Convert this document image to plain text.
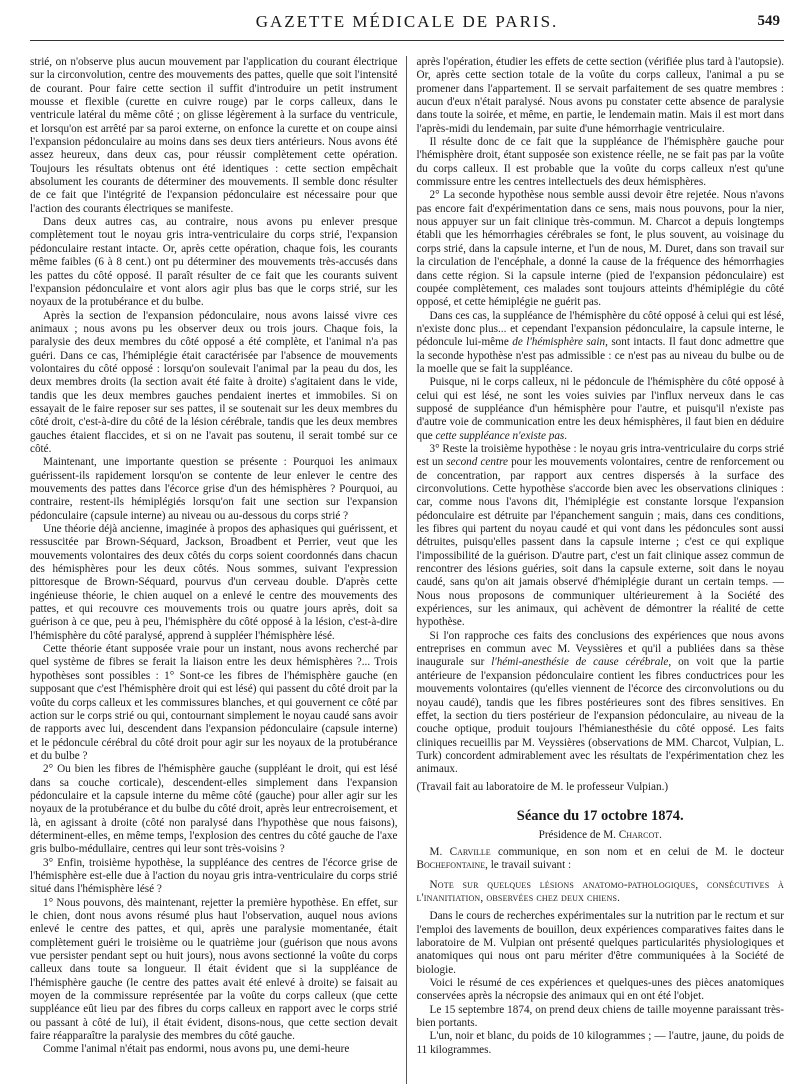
GAZETTE MÉDICALE DE PARIS.	549

strié, on n'observe plus aucun mouvement par l'application du courant électrique sur la circonvolution, centre des mouvements des pattes, quelle que soit l'intensité de courant. Pour faire cette section il suffit d'introduire un petit instrument mousse et flexible (curette en cuivre rouge) par le corps calleux, dans le ventricule latéral du même côté ; on glisse légèrement à la surface du ventricule, et lorsqu'on est arrêté par sa paroi externe, on enfonce la curette et on coupe ainsi l'expansion pédonculaire au moins dans ses deux tiers antérieurs. Nous avons été assez heureux, dans deux cas, pour réussir complètement cette opération. Toujours les résultats obtenus ont été identiques : cette section empêchait absolument les courants de déterminer des mouvements. Il semble donc résulter de ce fait que l'intégrité de l'expansion pédonculaire est nécessaire pour que l'action des courants électriques se manifeste.

Dans deux autres cas, au contraire, nous avons pu enlever presque complètement tout le noyau gris intra-ventriculaire du corps strié, l'expansion pédonculaire restant intacte. Or, après cette opération, chaque fois, les courants même faibles (6 à 8 cent.) ont pu déterminer des mouvements très-accusés dans les pattes du côté opposé. Il paraît résulter de ce fait que les courants suivent l'expansion pédonculaire et vont alors agir plus bas que le corps strié, sur les noyaux de la protubérance et du bulbe.

Après la section de l'expansion pédonculaire, nous avons laissé vivre ces animaux ; nous avons pu les observer deux ou trois jours. Chaque fois, la paralysie des deux membres du côté opposé a été complète, et l'animal n'a pas guéri. Dans ce cas, l'hémiplégie était caractérisée par l'absence de mouvements volontaires du côté opposé : lorsqu'on soulevait l'animal par la peau du dos, les deux membres droits (la section avait été faite à droite) s'agitaient dans le vide, tandis que les deux membres gauches pendaient inertes et immobiles. Si on essayait de le faire reposer sur ses pattes, il se soutenait sur les deux membres du côté droit, c'est-à-dire du côté de la lésion cérébrale, tandis que les deux membres gauches étaient flaccides, et si on ne l'avait pas soutenu, il serait tombé sur ce côté.

Maintenant, une importante question se présente : Pourquoi les animaux guérissent-ils rapidement lorsqu'on se contente de leur enlever le centre des mouvements des pattes dans l'écorce grise d'un des hémisphères ? Pourquoi, au contraire, restent-ils hémiplégiés lorsqu'on fait une section sur l'expansion pédonculaire (capsule interne) au niveau ou au-dessous du corps strié ?

Une théorie déjà ancienne, imaginée à propos des aphasiques qui guérissent, et ressuscitée par Brown-Séquard, Jackson, Broadbent et Perrier, veut que les mouvements volontaires des deux côtés du corps soient coordonnés dans chacun des hémisphères pour les deux côtés. Nous sommes, suivant l'expression pittoresque de Brown-Séquard, pourvus d'un cerveau double. D'après cette ingénieuse théorie, le chien auquel on a enlevé le centre des mouvements des pattes, et qui recouvre ces mouvements trois ou quatre jours après, doit sa guérison à ce que, peu à peu, l'hémisphère du côté opposé à la lésion, c'est-à-dire l'hémisphère du côté paralysé, apprend à suppléer l'hémisphère lésé.

Cette théorie étant supposée vraie pour un instant, nous avons recherché par quel système de fibres se ferait la liaison entre les deux hémisphères ?... Trois hypothèses sont possibles : 1° Sont-ce les fibres de l'hémisphère gauche (en supposant que c'est l'hémisphère droit qui est lésé) qui passent du côté droit par la voûte du corps calleux et les commissures blanches, et qui gouvernent ce côté par action sur le corps strié ou qui, contournant simplement le noyau caudé sans avoir de rapports avec lui, descendent dans l'expansion pédonculaire (capsule interne) et le pédoncule cérébral du côté droit pour agir sur les noyaux de la protubérance et du bulbe ?

2° Ou bien les fibres de l'hémisphère gauche (suppléant le droit, qui est lésé dans sa couche corticale), descendent-elles simplement dans l'expansion pédonculaire et la capsule interne du même côté (gauche) pour aller agir sur les noyaux de la protubérance et du bulbe du côté droit, après leur entrecroisement, et là, en agissant à droite (côté non paralysé dans l'hypothèse que nous faisons), déterminent-elles, en même temps, l'explosion des centres du côté gauche de l'axe gris bulbo-médullaire, centres qui leur sont très-voisins ?

3° Enfin, troisième hypothèse, la suppléance des centres de l'écorce grise de l'hémisphère est-elle due à l'action du noyau gris intra-ventriculaire du corps strié situé dans l'hémisphère lésé ?

1° Nous pouvons, dès maintenant, rejetter la première hypothèse. En effet, sur le chien, dont nous avons résumé plus haut l'observation, auquel nous avions enlevé le centre des pattes, et qui, après une paralysie momentanée, était complètement guéri le troisième ou le quatrième jour (guérison que nous avons vue persister pendant sept ou huit jours), nous avons sectionné la voûte du corps calleux dans toute sa longueur. Il était évident que si la suppléance de l'hémisphère gauche (le centre des pattes avait été enlevé à droite) se faisait au moyen de la commissure représentée par la voûte du corps calleux (que cette suppléance eût lieu par des fibres du corps calleux en rapport avec le corps strié ou passant à côté de lui), il était évident, disons-nous, que cette section devait faire réapparaître la paralysie des membres du côté gauche.

Comme l'animal n'était pas endormi, nous avons pu, une demi-heure

après l'opération, étudier les effets de cette section (vérifiée plus tard à l'autopsie). Or, après cette section totale de la voûte du corps calleux, l'animal a pu se promener dans l'appartement. Il se servait parfaitement de ses quatre membres : aucun d'eux n'était paralysé. Nous avons pu constater cette absence de paralysie dans toute la soirée, et même, en partie, le lendemain matin. Mais il est mort dans l'après-midi du lendemain, par suite d'une hémorrhagie ventriculaire.

Il résulte donc de ce fait que la suppléance de l'hémisphère gauche pour l'hémisphère droit, étant supposée son existence réelle, ne se fait pas par la voûte du corps calleux. Il est probable que la voûte du corps calleux n'est qu'une commissure entre les centres intellectuels des deux hémisphères.

2° La seconde hypothèse nous semble aussi devoir être rejetée. Nous n'avons pas encore fait d'expérimentation dans ce sens, mais nous pouvons, pour la nier, nous appuyer sur un fait clinique très-commun. M. Charcot a depuis longtemps établi que les hémorrhagies cérébrales se font, le plus souvent, au voisinage du corps strié, dans la capsule interne, et l'un de nous, M. Duret, dans son travail sur la circulation de l'encéphale, a donné la cause de la fréquence des hémorrhagies dans cette région. Si la capsule interne (pied de l'expansion pédonculaire) est coupée complètement, ces malades sont toujours atteints d'hémiplégie du côté opposé, et cette hémiplégie ne guérit pas.

Dans ces cas, la suppléance de l'hémisphère du côté opposé à celui qui est lésé, n'existe donc plus... et cependant l'expansion pédonculaire, la capsule interne, le pédoncule lui-même de l'hémisphère sain, sont intacts. Il faut donc admettre que la seconde hypothèse n'est pas admissible : ce n'est pas au niveau du bulbe ou de la moelle que se fait la suppléance.

Puisque, ni le corps calleux, ni le pédoncule de l'hémisphère du côté opposé à celui qui est lésé, ne sont les voies suivies par l'influx nerveux dans le cas supposé de suppléance d'un hémisphère pour l'autre, et puisqu'il n'existe pas d'autre voie de communication entre les deux hémisphères, il faut bien en déduire que cette suppléance n'existe pas.

3° Reste la troisième hypothèse : le noyau gris intra-ventriculaire du corps strié est un second centre pour les mouvements volontaires, centre de renforcement ou de concentration, par rapport aux centres dispersés à la surface des circonvolutions. Cette hypothèse s'accorde bien avec les observations cliniques : car, comme nous l'avons dit, l'hémiplégie est constante lorsque l'expansion pédonculaire est détruite par l'épanchement sanguin ; mais, dans ces conditions, les fibres qui partent du noyau caudé et qui vont dans les pédoncules sont aussi détruites, puisqu'elles passent dans la capsule interne ; c'est ce qui explique l'impossibilité de la guérison. D'autre part, c'est un fait clinique assez commun de rencontrer des lésions guéries, soit dans la capsule externe, soit dans le noyau caudé, sans qu'on ait jamais observé d'hémiplégie durant un certain temps. — Nous nous proposons de communiquer ultérieurement à la Société des expériences, sur les animaux, qui achèvent de démontrer la réalité de cette hypothèse.

Si l'on rapproche ces faits des conclusions des expériences que nous avons entreprises en commun avec M. Veyssières et qu'il a publiées dans sa thèse inaugurale sur l'hémi-anesthésie de cause cérébrale, on voit que la partie antérieure de l'expansion pédonculaire contient les fibres conductrices pour les mouvements volontaires (qu'elles viennent de l'écorce des circonvolutions ou du noyau caudé), tandis que les fibres postérieures sont des fibres sensitives. En effet, la section du tiers postérieur de l'expansion pédonculaire, au niveau de la couche optique, produit toujours l'hémianesthésie du côté opposé. Les faits cliniques recueillis par M. Veyssières (observations de MM. Charcot, Vulpian, L. Turk) concordent admirablement avec les résultats de l'expérimentation chez les animaux.

(Travail fait au laboratoire de M. le professeur Vulpian.)

Séance du 17 octobre 1874.
Présidence de M. Charcot.

M. Carville communique, en son nom et en celui de M. le docteur Bochefontaine, le travail suivant :

Note sur quelques lésions anatomo-pathologiques, consécutives à l'inanitiation, observées chez deux chiens.

Dans le cours de recherches expérimentales sur la nutrition par le rectum et sur l'emploi des lavements de bouillon, deux expériences comparatives faites dans le laboratoire de M. Vulpian ont présenté quelques particularités physiologiques et anatomiques qui nous ont paru mériter d'être communiquées à la Société de biologie.

Voici le résumé de ces expériences et quelques-unes des pièces anatomiques conservées après la nécropsie des animaux qui en ont été l'objet.

Le 15 septembre 1874, on prend deux chiens de taille moyenne paraissant très-bien portants.

L'un, noir et blanc, du poids de 10 kilogrammes ; — l'autre, jaune, du poids de 11 kilogrammes.
